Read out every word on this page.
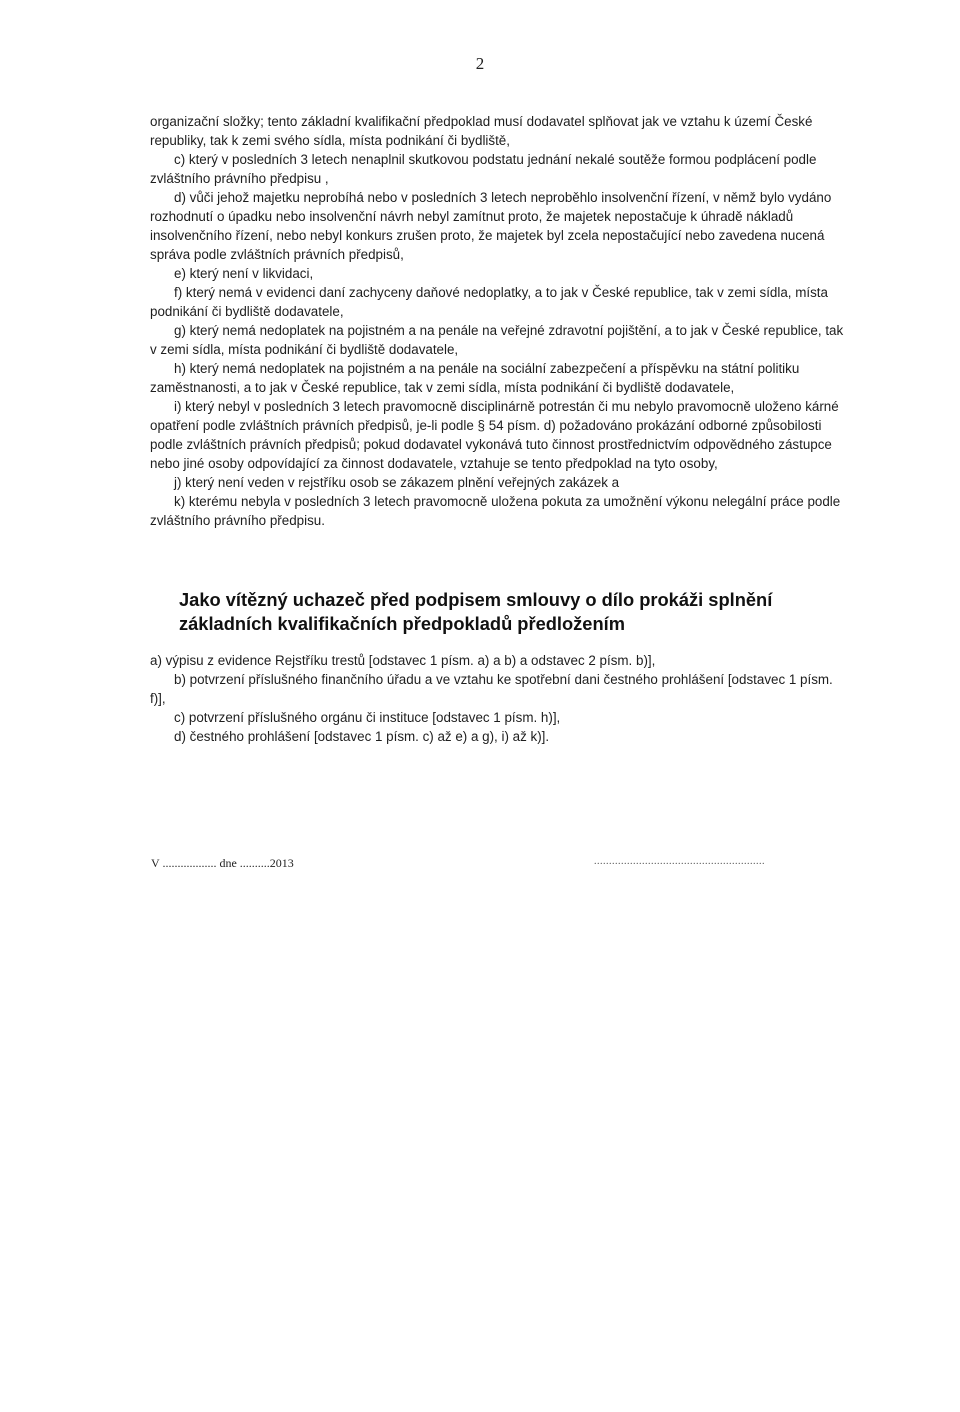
2

organizační složky; tento základní kvalifikační předpoklad musí dodavatel splňovat jak ve vztahu k území České republiky, tak k zemi svého sídla, místa podnikání či bydliště,

c) který v posledních 3 letech nenaplnil skutkovou podstatu jednání nekalé soutěže formou podplácení podle zvláštního právního předpisu ,

d) vůči jehož majetku neprobíhá nebo v posledních 3 letech neproběhlo insolvenční řízení, v němž bylo vydáno rozhodnutí o úpadku nebo insolvenční návrh nebyl zamítnut proto, že majetek nepostačuje k úhradě nákladů insolvenčního řízení, nebo nebyl konkurs zrušen proto, že majetek byl zcela nepostačující nebo zavedena nucená správa podle zvláštních právních předpisů,

e) který není v likvidaci,

f) který nemá v evidenci daní zachyceny daňové nedoplatky, a to jak v České republice, tak v zemi sídla, místa podnikání či bydliště dodavatele,

g) který nemá nedoplatek na pojistném a na penále na veřejné zdravotní pojištění, a to jak v České republice, tak v zemi sídla, místa podnikání či bydliště dodavatele,

h) který nemá nedoplatek na pojistném a na penále na sociální zabezpečení a příspěvku na státní politiku zaměstnanosti, a to jak v České republice, tak v zemi sídla, místa podnikání či bydliště dodavatele,

i) který nebyl v posledních 3 letech pravomocně disciplinárně potrestán či mu nebylo pravomocně uloženo kárné opatření podle zvláštních právních předpisů, je-li podle § 54 písm. d) požadováno prokázání odborné způsobilosti podle zvláštních právních předpisů; pokud dodavatel vykonává tuto činnost prostřednictvím odpovědného zástupce nebo jiné osoby odpovídající za činnost dodavatele, vztahuje se tento předpoklad na tyto osoby,

j) který není veden v rejstříku osob se zákazem plnění veřejných zakázek a

k) kterému nebyla v posledních 3 letech pravomocně uložena pokuta za umožnění výkonu nelegální práce podle zvláštního právního předpisu.

Jako vítězný uchazeč před podpisem smlouvy o dílo prokáži splnění
základních kvalifikačních předpokladů předložením

a) výpisu z evidence Rejstříku trestů [odstavec 1 písm. a) a b) a odstavec 2 písm. b)],

b) potvrzení příslušného finančního úřadu a ve vztahu ke spotřební dani čestného prohlášení [odstavec 1 písm. f)],

c) potvrzení příslušného orgánu či instituce [odstavec 1 písm. h)],

d) čestného prohlášení [odstavec 1 písm. c) až e) a g), i) až k)].

V .................. dne ..........2013	.........................................................
